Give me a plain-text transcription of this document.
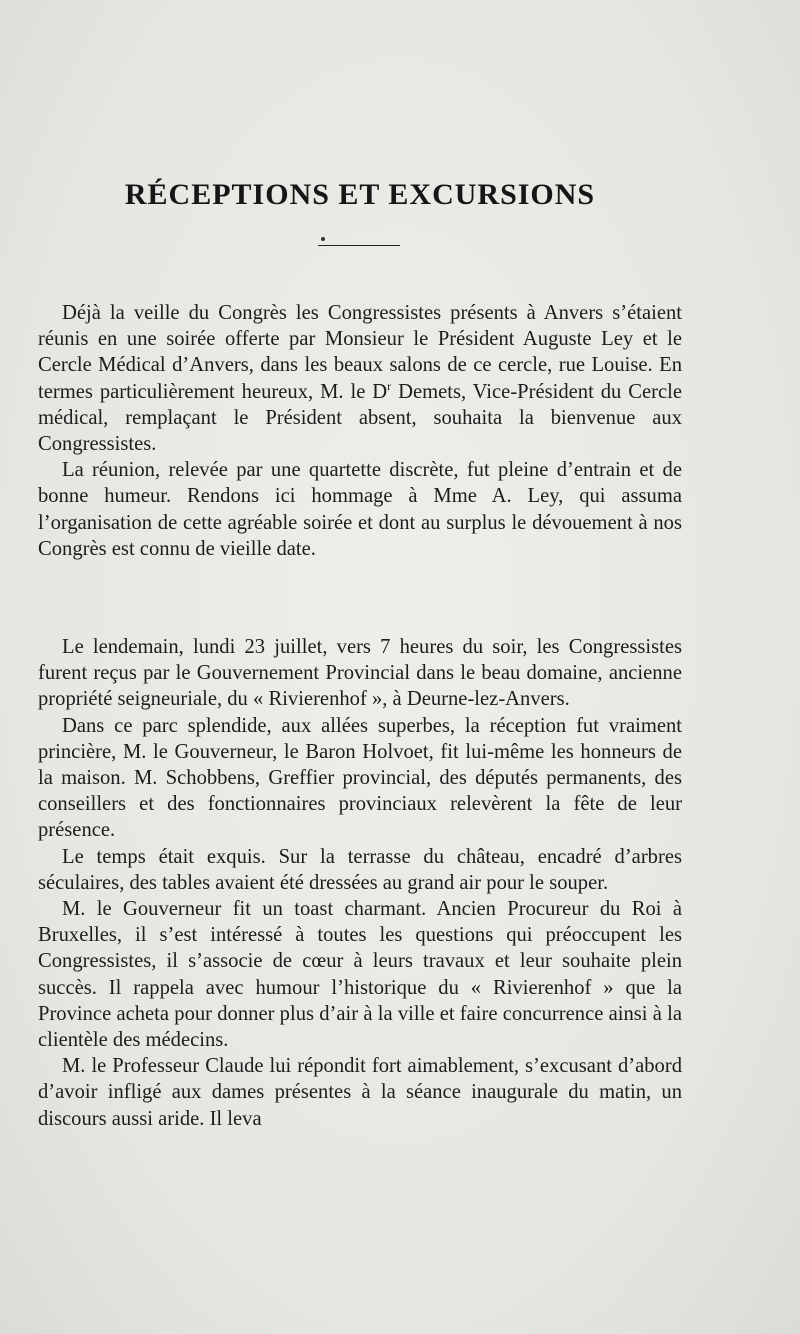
RÉCEPTIONS ET EXCURSIONS

Déjà la veille du Congrès les Congressistes présents à Anvers s’étaient réunis en une soirée offerte par Monsieur le Président Auguste Ley et le Cercle Médical d’Anvers, dans les beaux salons de ce cercle, rue Louise. En termes particulièrement heureux, M. le $D^r$ Demets, Vice-Président du Cercle médical, remplaçant le Président absent, souhaita la bienvenue aux Congressistes.

La réunion, relevée par une quartette discrète, fut pleine d’entrain et de bonne humeur. Rendons ici hommage à Mme A. Ley, qui assuma l’organisation de cette agréable soirée et dont au surplus le dévouement à nos Congrès est connu de vieille date.

Le lendemain, lundi 23 juillet, vers 7 heures du soir, les Congressistes furent reçus par le Gouvernement Provincial dans le beau domaine, ancienne propriété seigneuriale, du « Rivierenhof », à Deurne-lez-Anvers.

Dans ce parc splendide, aux allées superbes, la réception fut vraiment princière, M. le Gouverneur, le Baron Holvoet, fit lui-même les honneurs de la maison. M. Schobbens, Greffier provincial, des députés permanents, des conseillers et des fonctionnaires provinciaux relevèrent la fête de leur présence.

Le temps était exquis. Sur la terrasse du château, encadré d’arbres séculaires, des tables avaient été dressées au grand air pour le souper.

M. le Gouverneur fit un toast charmant. Ancien Procureur du Roi à Bruxelles, il s’est intéressé à toutes les questions qui préoccupent les Congressistes, il s’associe de cœur à leurs travaux et leur souhaite plein succès. Il rappela avec humour l’historique du « Rivierenhof » que la Province acheta pour donner plus d’air à la ville et faire concurrence ainsi à la clientèle des médecins.

M. le Professeur Claude lui répondit fort aimablement, s’excusant d’abord d’avoir infligé aux dames présentes à la séance inaugurale du matin, un discours aussi aride. Il leva
